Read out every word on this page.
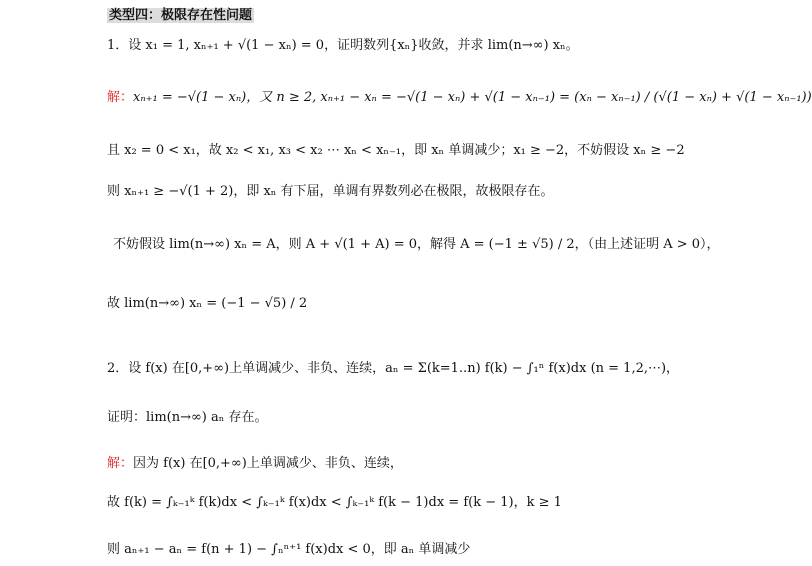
类型四：极限存在性问题
1．设 x₁ = 1, xₙ₊₁ + √(1 − xₙ) = 0，证明数列{xₙ}收敛，并求 lim(n→∞) xₙ。
解：xₙ₊₁ = −√(1 − xₙ)，又 n ≥ 2, xₙ₊₁ − xₙ = −√(1 − xₙ) + √(1 − xₙ₋₁) = (xₙ − xₙ₋₁) / (√(1 − xₙ) + √(1 − xₙ₋₁))
且 x₂ = 0 < x₁，故 x₂ < x₁, x₃ < x₂ ⋯ xₙ < xₙ₋₁，即 xₙ 单调减少；x₁ ≥ −2，不妨假设 xₙ ≥ −2
则 xₙ₊₁ ≥ −√(1 + 2)，即 xₙ 有下届，单调有界数列必在极限，故极限存在。
不妨假设 lim(n→∞) xₙ = A，则 A + √(1 + A) = 0，解得 A = (−1 ± √5) / 2，（由上述证明 A > 0），
故 lim(n→∞) xₙ = (−1 − √5) / 2
2．设 f(x) 在[0,+∞)上单调减少、非负、连续，aₙ = Σ(k=1..n) f(k) − ∫₁ⁿ f(x)dx (n = 1,2,⋯)，
证明：lim(n→∞) aₙ 存在。
解：因为 f(x) 在[0,+∞)上单调减少、非负、连续，
故 f(k) = ∫ₖ₋₁ᵏ f(k)dx < ∫ₖ₋₁ᵏ f(x)dx < ∫ₖ₋₁ᵏ f(k − 1)dx = f(k − 1)，k ≥ 1
则 aₙ₊₁ − aₙ = f(n + 1) − ∫ₙⁿ⁺¹ f(x)dx < 0，即 aₙ 单调减少
